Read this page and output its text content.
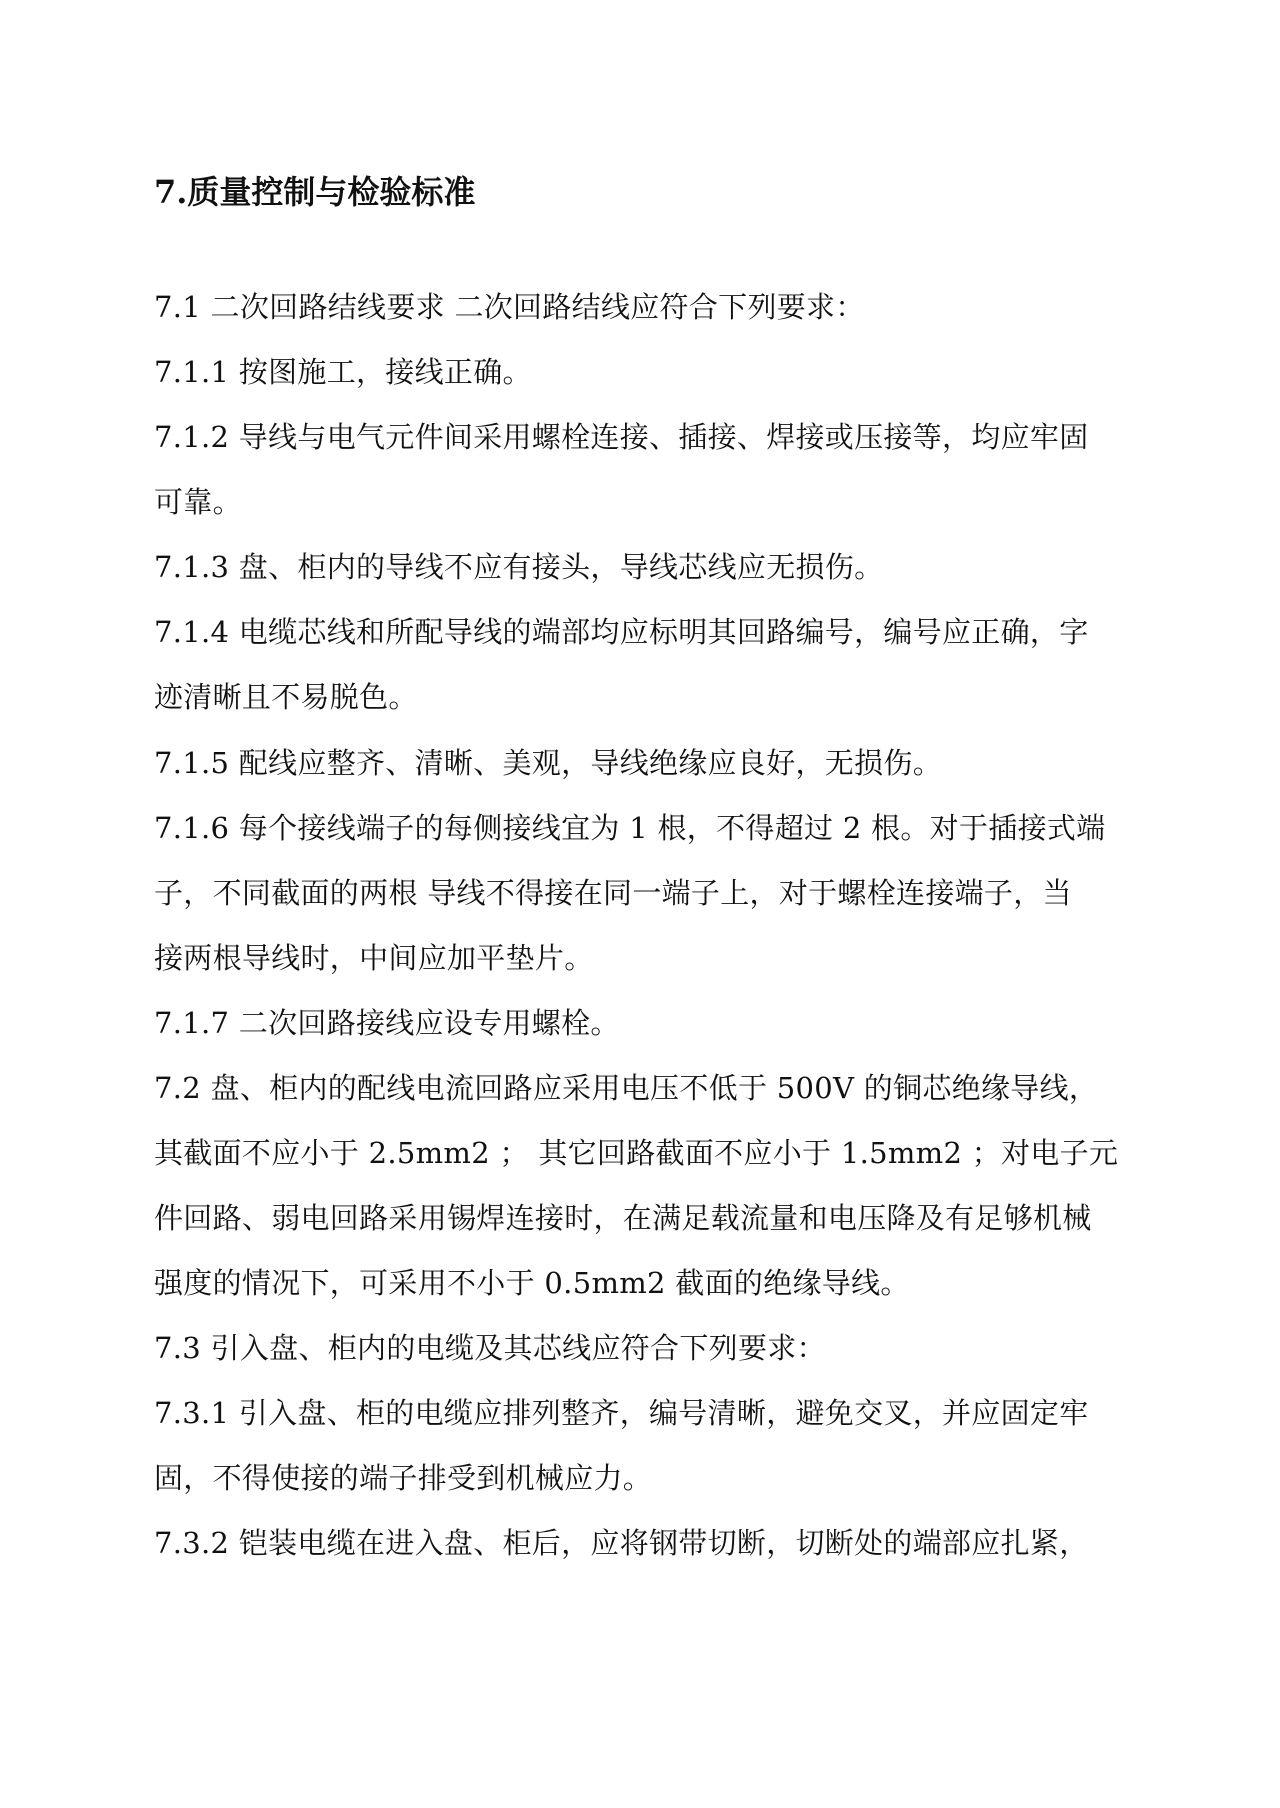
7.质量控制与检验标准
7.1 二次回路结线要求 二次回路结线应符合下列要求：
7.1.1 按图施工，接线正确。
7.1.2 导线与电气元件间采用螺栓连接、插接、焊接或压接等，均应牢固
可靠。
7.1.3 盘、柜内的导线不应有接头，导线芯线应无损伤。
7.1.4 电缆芯线和所配导线的端部均应标明其回路编号，编号应正确，字
迹清晰且不易脱色。
7.1.5 配线应整齐、清晰、美观，导线绝缘应良好，无损伤。
7.1.6 每个接线端子的每侧接线宜为 1 根，不得超过 2 根。对于插接式端
子，不同截面的两根 导线不得接在同一端子上，对于螺栓连接端子，当
接两根导线时，中间应加平垫片。
7.1.7 二次回路接线应设专用螺栓。
7.2 盘、柜内的配线电流回路应采用电压不低于 500V 的铜芯绝缘导线，
其截面不应小于 2.5mm2 ； 其它回路截面不应小于 1.5mm2 ；对电子元
件回路、弱电回路采用锡焊连接时，在满足载流量和电压降及有足够机械
强度的情况下，可采用不小于 0.5mm2 截面的绝缘导线。
7.3 引入盘、柜内的电缆及其芯线应符合下列要求：
7.3.1 引入盘、柜的电缆应排列整齐，编号清晰，避免交叉，并应固定牢
固，不得使接的端子排受到机械应力。
7.3.2 铠装电缆在进入盘、柜后，应将钢带切断，切断处的端部应扎紧，
